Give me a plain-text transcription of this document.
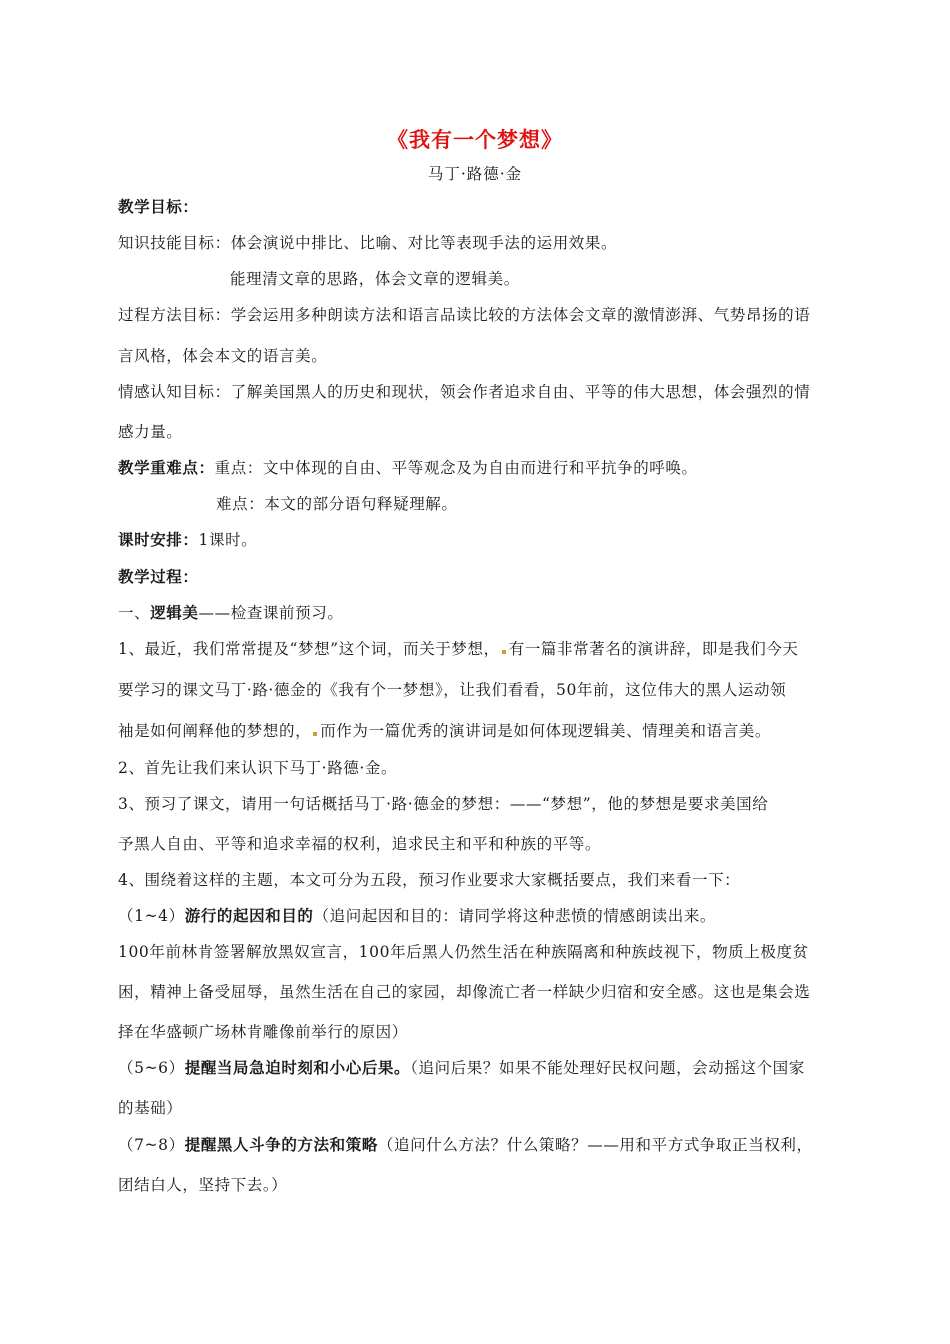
《我有一个梦想》
马丁·路德·金
教学目标：
知识技能目标：体会演说中排比、比喻、对比等表现手法的运用效果。
能理清文章的思路，体会文章的逻辑美。
过程方法目标：学会运用多种朗读方法和语言品读比较的方法体会文章的激情澎湃、气势昂扬的语
言风格，体会本文的语言美。
情感认知目标：了解美国黑人的历史和现状，领会作者追求自由、平等的伟大思想，体会强烈的情
感力量。
教学重难点：重点：文中体现的自由、平等观念及为自由而进行和平抗争的呼唤。
难点：本文的部分语句释疑理解。
课时安排：1课时。
教学过程：
一、逻辑美——检查课前预习。
1、最近，我们常常提及“梦想”这个词，而关于梦想， 有一篇非常著名的演讲辞，即是我们今天
要学习的课文马丁·路·德金的《我有个一梦想》，让我们看看，50年前，这位伟大的黑人运动领
袖是如何阐释他的梦想的， 而作为一篇优秀的演讲词是如何体现逻辑美、情理美和语言美。
2、首先让我们来认识下马丁·路德·金。
3、预习了课文，请用一句话概括马丁·路·德金的梦想：——“梦想”，他的梦想是要求美国给
予黑人自由、平等和追求幸福的权利，追求民主和平和种族的平等。
4、围绕着这样的主题，本文可分为五段，预习作业要求大家概括要点，我们来看一下：
（1~4）游行的起因和目的（追问起因和目的：请同学将这种悲愤的情感朗读出来。
100年前林肯签署解放黑奴宣言，100年后黑人仍然生活在种族隔离和种族歧视下，物质上极度贫
困，精神上备受屈辱，虽然生活在自己的家园，却像流亡者一样缺少归宿和安全感。这也是集会选
择在华盛顿广场林肯雕像前举行的原因）
（5~6）提醒当局急迫时刻和小心后果。（追问后果？如果不能处理好民权问题，会动摇这个国家
的基础）
（7~8）提醒黑人斗争的方法和策略（追问什么方法？什么策略？——用和平方式争取正当权利，
团结白人，坚持下去。）
